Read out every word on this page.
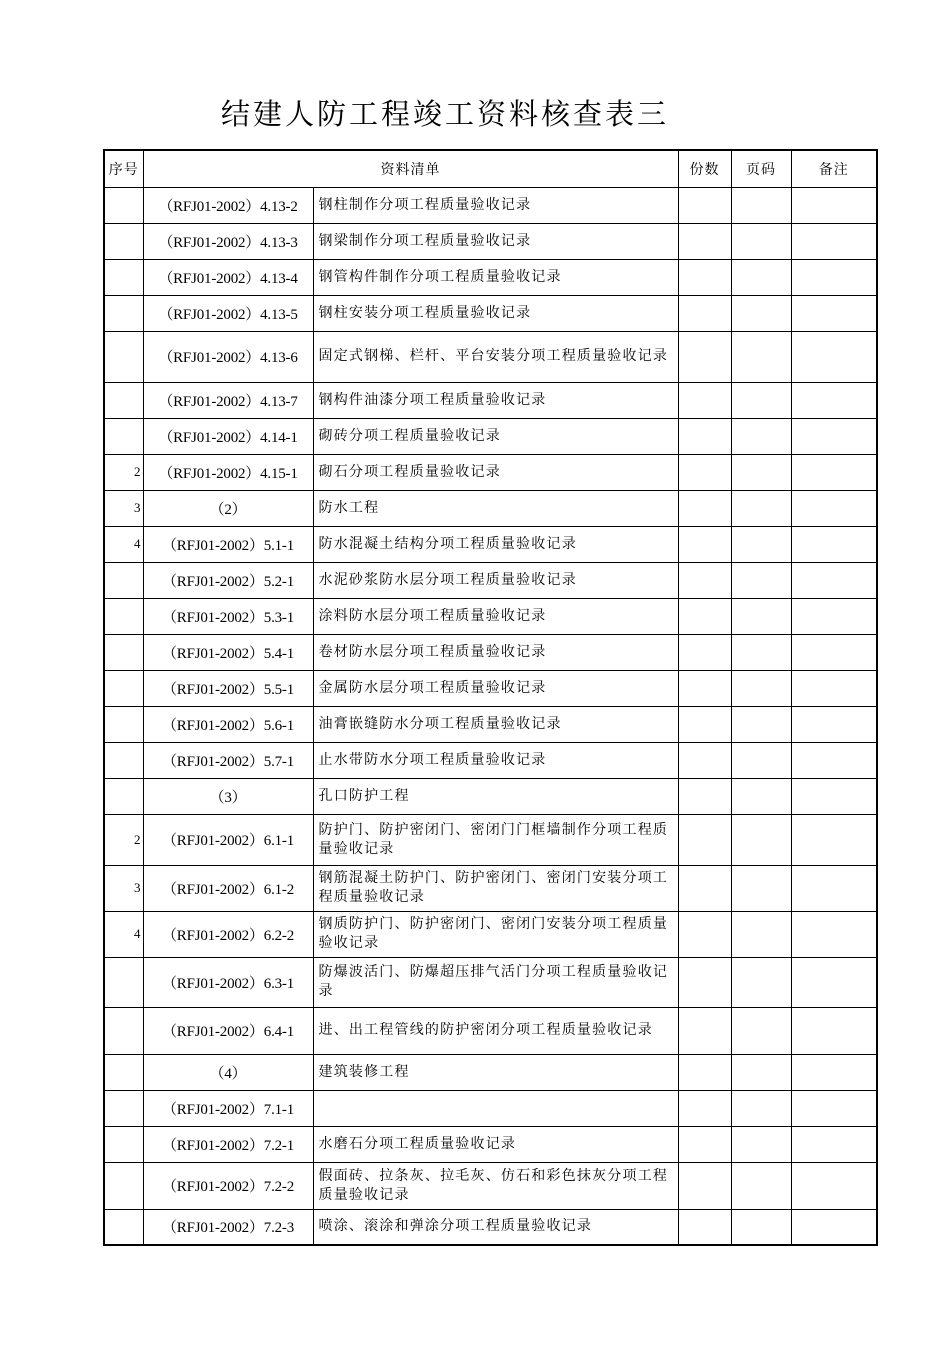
结建人防工程竣工资料核查表三
序号	资料清单		份数	页码	备注
	（RFJ01-2002）4.13-2	钢柱制作分项工程质量验收记录			
	（RFJ01-2002）4.13-3	钢梁制作分项工程质量验收记录			
	（RFJ01-2002）4.13-4	钢管构件制作分项工程质量验收记录			
	（RFJ01-2002）4.13-5	钢柱安装分项工程质量验收记录			
	（RFJ01-2002）4.13-6	固定式钢梯、栏杆、平台安装分项工程质量验收记录			
	（RFJ01-2002）4.13-7	钢构件油漆分项工程质量验收记录			
	（RFJ01-2002）4.14-1	砌砖分项工程质量验收记录			
2	（RFJ01-2002）4.15-1	砌石分项工程质量验收记录			
3	（2）	防水工程			
4	（RFJ01-2002）5.1-1	防水混凝土结构分项工程质量验收记录			
	（RFJ01-2002）5.2-1	水泥砂浆防水层分项工程质量验收记录			
	（RFJ01-2002）5.3-1	涂料防水层分项工程质量验收记录			
	（RFJ01-2002）5.4-1	卷材防水层分项工程质量验收记录			
	（RFJ01-2002）5.5-1	金属防水层分项工程质量验收记录			
	（RFJ01-2002）5.6-1	油膏嵌缝防水分项工程质量验收记录			
	（RFJ01-2002）5.7-1	止水带防水分项工程质量验收记录			
	（3）	孔口防护工程			
2	（RFJ01-2002）6.1-1	防护门、防护密闭门、密闭门门框墙制作分项工程质量验收记录			
3	（RFJ01-2002）6.1-2	钢筋混凝土防护门、防护密闭门、密闭门安装分项工程质量验收记录			
4	（RFJ01-2002）6.2-2	钢质防护门、防护密闭门、密闭门安装分项工程质量验收记录			
	（RFJ01-2002）6.3-1	防爆波活门、防爆超压排气活门分项工程质量验收记录			
	（RFJ01-2002）6.4-1	进、出工程管线的防护密闭分项工程质量验收记录			
	（4）	建筑装修工程			
	（RFJ01-2002）7.1-1				
	（RFJ01-2002）7.2-1	水磨石分项工程质量验收记录			
	（RFJ01-2002）7.2-2	假面砖、拉条灰、拉毛灰、仿石和彩色抹灰分项工程质量验收记录			
	（RFJ01-2002）7.2-3	喷涂、滚涂和弹涂分项工程质量验收记录			
